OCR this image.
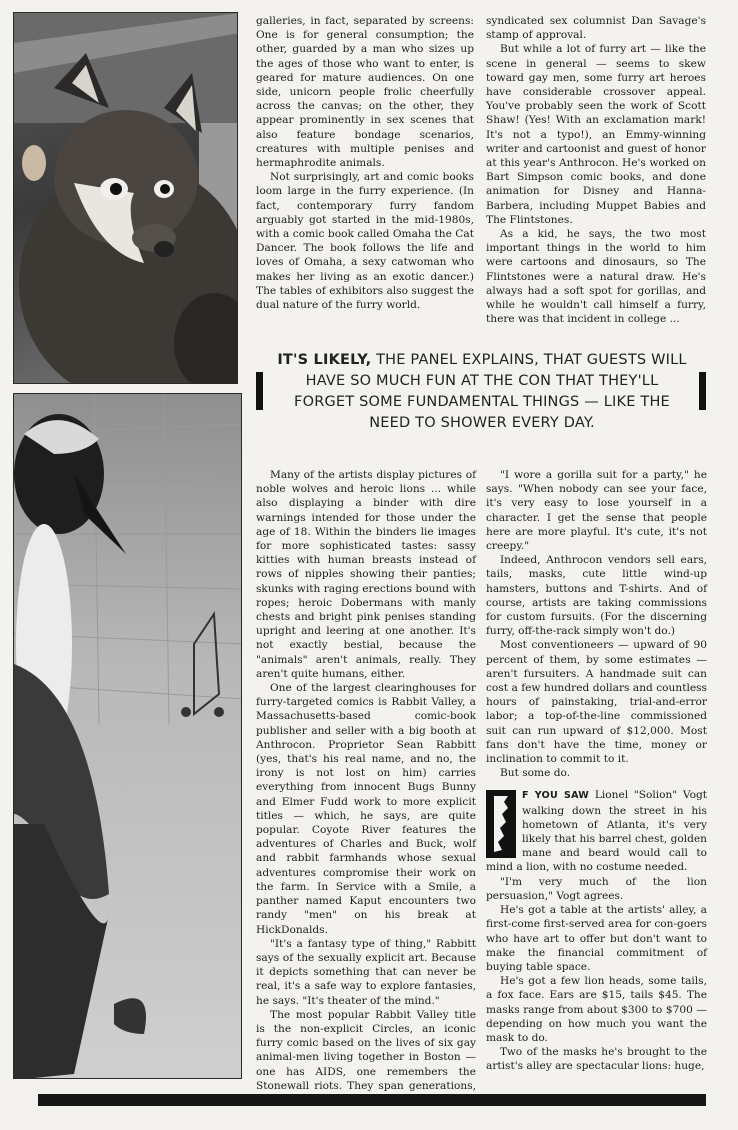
galleries, in fact, separated by screens: One is for general consumption; the other, guarded by a man who sizes up the ages of those who want to enter, is geared for mature audiences. On one side, unicorn people frolic cheerfully across the canvas; on the other, they appear prominently in sex scenes that also feature bondage scenarios, creatures with multiple penises and hermaphrodite animals.

Not surprisingly, art and comic books loom large in the furry experience. (In fact, contemporary furry fandom arguably got started in the mid-1980s, with a comic book called Omaha the Cat Dancer. The book follows the life and loves of Omaha, a sexy catwoman who makes her living as an exotic dancer.) The tables of exhibitors also suggest the dual nature of the furry world.

syndicated sex columnist Dan Savage's stamp of approval.

But while a lot of furry art — like the scene in general — seems to skew toward gay men, some furry art heroes have considerable crossover appeal. You've probably seen the work of Scott Shaw! (Yes! With an exclamation mark! It's not a typo!), an Emmy-winning writer and cartoonist and guest of honor at this year's Anthrocon. He's worked on Bart Simpson comic books, and done animation for Disney and Hanna-Barbera, including Muppet Babies and The Flintstones.

As a kid, he says, the two most important things in the world to him were cartoons and dinosaurs, so The Flintstones were a natural draw. He's always had a soft spot for gorillas, and while he wouldn't call himself a furry, there was that incident in college ...

IT'S LIKELY, THE PANEL EXPLAINS, THAT GUESTS WILL HAVE SO MUCH FUN AT THE CON THAT THEY'LL FORGET SOME FUNDAMENTAL THINGS — LIKE THE NEED TO SHOWER EVERY DAY.

Many of the artists display pictures of noble wolves and heroic lions ... while also displaying a binder with dire warnings intended for those under the age of 18. Within the binders lie images for more sophisticated tastes: sassy kitties with human breasts instead of rows of nipples showing their panties; skunks with raging erections bound with ropes; heroic Dobermans with manly chests and bright pink penises standing upright and leering at one another. It's not exactly bestial, because the "animals" aren't animals, really. They aren't quite humans, either.

One of the largest clearinghouses for furry-targeted comics is Rabbit Valley, a Massachusetts-based comic-book publisher and seller with a big booth at Anthrocon. Proprietor Sean Rabbitt (yes, that's his real name, and no, the irony is not lost on him) carries everything from innocent Bugs Bunny and Elmer Fudd work to more explicit titles — which, he says, are quite popular. Coyote River features the adventures of Charles and Buck, wolf and rabbit farmhands whose sexual adventures compromise their work on the farm. In Service with a Smile, a panther named Kaput encounters two randy "men" on his break at HickDonalds.

"It's a fantasy type of thing," Rabbitt says of the sexually explicit art. Because it depicts something that can never be real, it's a safe way to explore fantasies, he says. "It's theater of the mind."

The most popular Rabbit Valley title is the non-explicit Circles, an iconic furry comic based on the lives of six gay animal-men living together in Boston — one has AIDS, one remembers the Stonewall riots. They span generations,

"I wore a gorilla suit for a party," he says. "When nobody can see your face, it's very easy to lose yourself in a character. I get the sense that people here are more playful. It's cute, it's not creepy."

Indeed, Anthrocon vendors sell ears, tails, masks, cute little wind-up hamsters, buttons and T-shirts. And of course, artists are taking commissions for custom fursuits. (For the discerning furry, off-the-rack simply won't do.)

Most conventioneers — upward of 90 percent of them, by some estimates — aren't fursuiters. A handmade suit can cost a few hundred dollars and countless hours of painstaking, trial-and-error labor; a top-of-the-line commissioned suit can run upward of $12,000. Most fans don't have the time, money or inclination to commit to it.

But some do.

F YOU SAW Lionel "Solion" Vogt walking down the street in his hometown of Atlanta, it's very likely that his barrel chest, golden mane and beard would call to mind a lion, with no costume needed.

"I'm very much of the lion persuasion," Vogt agrees.

He's got a table at the artists' alley, a first-come first-served area for con-goers who have art to offer but don't want to make the financial commitment of buying table space.

He's got a few lion heads, some tails, a fox face. Ears are $15, tails $45. The masks range from about $300 to $700 — depending on how much you want the mask to do.

Two of the masks he's brought to the artist's alley are spectacular lions: huge,
